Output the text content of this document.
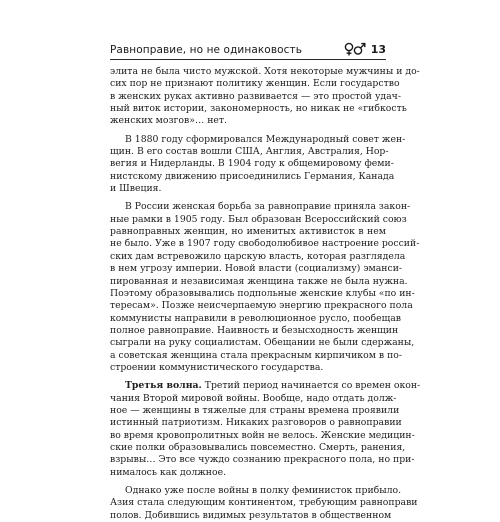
Равноправие, но не одинаковость	13

элита не была чисто мужской. Хотя некоторые мужчины и до-
сих пор не признают политику женщин. Если государство
в женских руках активно развивается — это простой удач-
ный виток истории, закономерность, но никак не «гибкость
женских мозгов»… нет.

В 1880 году сформировался Международный совет жен-
щин. В его состав вошли США, Англия, Австралия, Нор-
вегия и Нидерланды. В 1904 году к общемировому феми-
нистскому движению присоединились Германия, Канада
и Швеция.

В России женская борьба за равноправие приняла закон-
ные рамки в 1905 году. Был образован Всероссийский союз
равноправных женщин, но именитых активисток в нем
не было. Уже в 1907 году свободолюбивое настроение россий-
ских дам встревожило царскую власть, которая разглядела
в нем угрозу империи. Новой власти (социализму) эманси-
пированная и независимая женщина также не была нужна.
Поэтому образовывались подпольные женские клубы «по ин-
тересам». Позже неисчерпаемую энергию прекрасного пола
коммунисты направили в революционное русло, пообещав
полное равноправие. Наивность и безысходность женщин
сыграли на руку социалистам. Обещании не были сдержаны,
а советская женщина стала прекрасным кирпичиком в по-
строении коммунистического государства.

Третья волна. Третий период начинается со времен окон-
чания Второй мировой войны. Вообще, надо отдать долж-
ное — женщины в тяжелые для страны времена проявили
истинный патриотизм. Никаких разговоров о равноправии
во время кровопролитных войн не велось. Женские медицин-
ские полки образовывались повсеместно. Смерть, ранения,
взрывы… Это все чуждо сознанию прекрасного пола, но при-
нималось как должное.

Однако уже после войны в полку феминисток прибыло.
Азия стала следующим континентом, требующим равноправи
полов. Добившись видимых результатов в общественном
